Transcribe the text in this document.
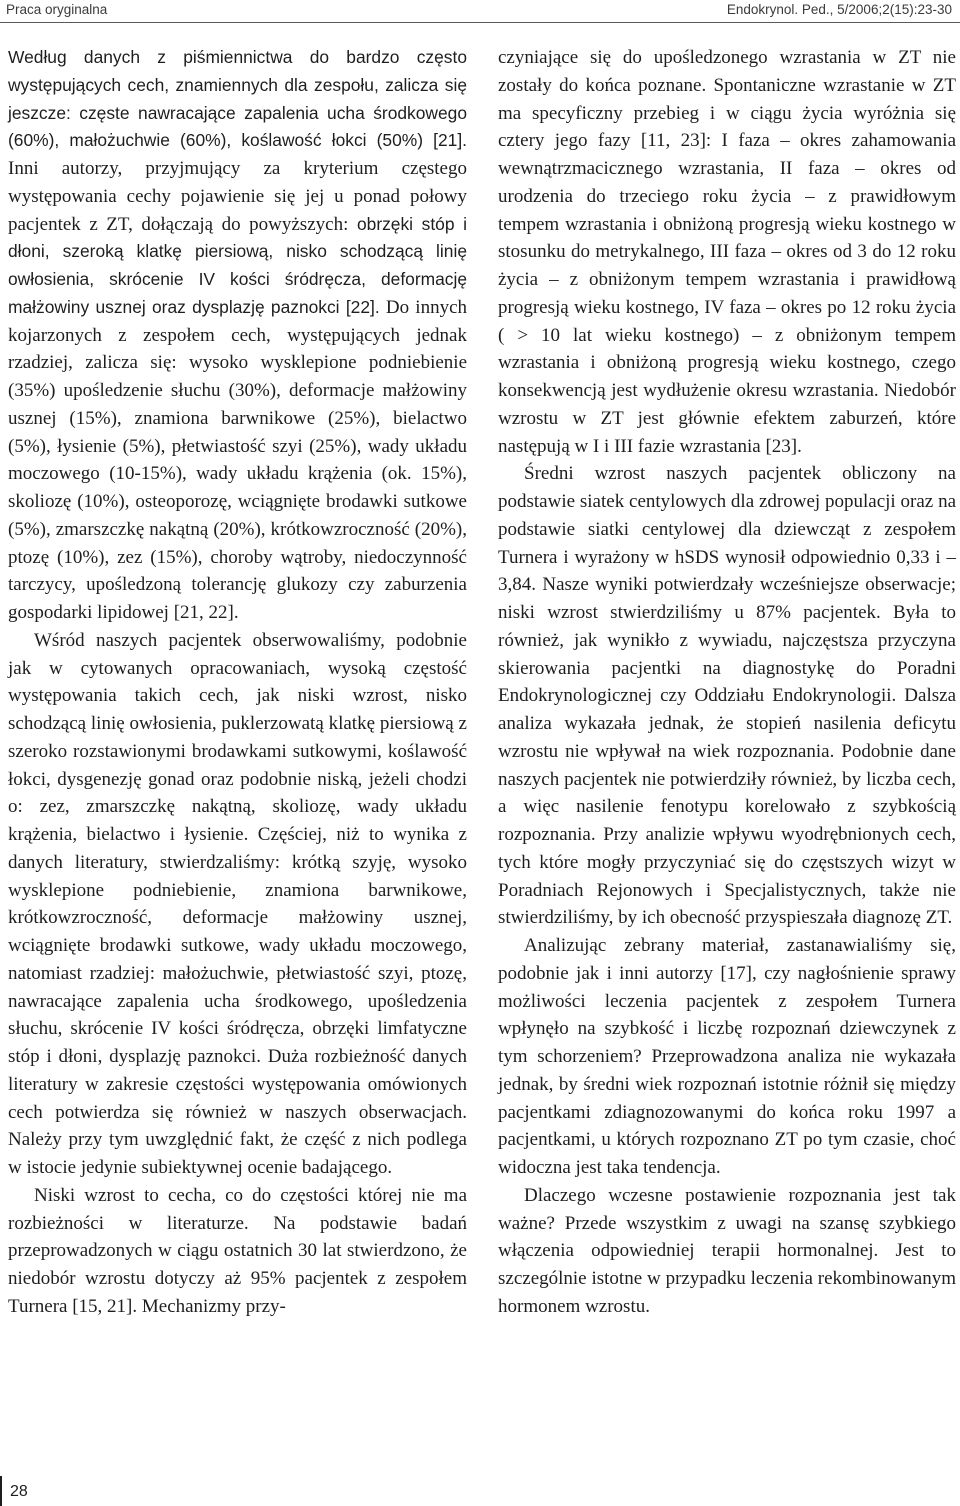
Praca oryginalna	Endokrynol. Ped., 5/2006;2(15):23-30

Według danych z piśmiennictwa do bardzo często występujących cech, znamiennych dla zespołu, zalicza się jeszcze: częste nawracające zapalenia ucha środkowego (60%), małożuchwie (60%), koślawość łokci (50%) [21]. Inni autorzy, przyjmujący za kryterium częstego występowania cechy pojawienie się jej u ponad połowy pacjentek z ZT, dołączają do powyższych: obrzęki stóp i dłoni, szeroką klatkę piersiową, nisko schodzącą linię owłosienia, skrócenie IV kości śródręcza, deformację małżowiny usznej oraz dysplazję paznokci [22]. Do innych kojarzonych z zespołem cech, występujących jednak rzadziej, zalicza się: wysoko wysklepione podniebienie (35%) upośledzenie słuchu (30%), deformacje małżowiny usznej (15%), znamiona barwnikowe (25%), bielactwo (5%), łysienie (5%), płetwiastość szyi (25%), wady układu moczowego (10-15%), wady układu krążenia (ok. 15%), skoliozę (10%), osteoporozę, wciągnięte brodawki sutkowe (5%), zmarszczkę nakątną (20%), krótkowzroczność (20%), ptozę (10%), zez (15%), choroby wątroby, niedoczynność tarczycy, upośledzoną tolerancję glukozy czy zaburzenia gospodarki lipidowej [21, 22].

Wśród naszych pacjentek obserwowaliśmy, podobnie jak w cytowanych opracowaniach, wysoką częstość występowania takich cech, jak niski wzrost, nisko schodzącą linię owłosienia, puklerzowatą klatkę piersiową z szeroko rozstawionymi brodawkami sutkowymi, koślawość łokci, dysgenezję gonad oraz podobnie niską, jeżeli chodzi o: zez, zmarszczkę nakątną, skoliozę, wady układu krążenia, bielactwo i łysienie. Częściej, niż to wynika z danych literatury, stwierdzaliśmy: krótką szyję, wysoko wysklepione podniebienie, znamiona barwnikowe, krótkowzroczność, deformacje małżowiny usznej, wciągnięte brodawki sutkowe, wady układu moczowego, natomiast rzadziej: małożuchwie, płetwiastość szyi, ptozę, nawracające zapalenia ucha środkowego, upośledzenia słuchu, skrócenie IV kości śródręcza, obrzęki limfatyczne stóp i dłoni, dysplazję paznokci. Duża rozbieżność danych literatury w zakresie częstości występowania omówionych cech potwierdza się również w naszych obserwacjach. Należy przy tym uwzględnić fakt, że część z nich podlega w istocie jedynie subiektywnej ocenie badającego.

Niski wzrost to cecha, co do częstości której nie ma rozbieżności w literaturze. Na podstawie badań przeprowadzonych w ciągu ostatnich 30 lat stwierdzono, że niedobór wzrostu dotyczy aż 95% pacjentek z zespołem Turnera [15, 21]. Mechanizmy przy-

czyniające się do upośledzonego wzrastania w ZT nie zostały do końca poznane. Spontaniczne wzrastanie w ZT ma specyficzny przebieg i w ciągu życia wyróżnia się cztery jego fazy [11, 23]: I faza – okres zahamowania wewnątrzmacicznego wzrastania, II faza – okres od urodzenia do trzeciego roku życia – z prawidłowym tempem wzrastania i obniżoną progresją wieku kostnego w stosunku do metrykalnego, III faza – okres od 3 do 12 roku życia – z obniżonym tempem wzrastania i prawidłową progresją wieku kostnego, IV faza – okres po 12 roku życia ( > 10 lat wieku kostnego) – z obniżonym tempem wzrastania i obniżoną progresją wieku kostnego, czego konsekwencją jest wydłużenie okresu wzrastania. Niedobór wzrostu w ZT jest głównie efektem zaburzeń, które następują w I i III fazie wzrastania [23].

Średni wzrost naszych pacjentek obliczony na podstawie siatek centylowych dla zdrowej populacji oraz na podstawie siatki centylowej dla dziewcząt z zespołem Turnera i wyrażony w hSDS wynosił odpowiednio 0,33 i –3,84. Nasze wyniki potwierdzały wcześniejsze obserwacje; niski wzrost stwierdziliśmy u 87% pacjentek. Była to również, jak wynikło z wywiadu, najczęstsza przyczyna skierowania pacjentki na diagnostykę do Poradni Endokrynologicznej czy Oddziału Endokrynologii. Dalsza analiza wykazała jednak, że stopień nasilenia deficytu wzrostu nie wpływał na wiek rozpoznania. Podobnie dane naszych pacjentek nie potwierdziły również, by liczba cech, a więc nasilenie fenotypu korelowało z szybkością rozpoznania. Przy analizie wpływu wyodrębnionych cech, tych które mogły przyczyniać się do częstszych wizyt w Poradniach Rejonowych i Specjalistycznych, także nie stwierdziliśmy, by ich obecność przyspieszała diagnozę ZT.

Analizując zebrany materiał, zastanawialiśmy się, podobnie jak i inni autorzy [17], czy nagłośnienie sprawy możliwości leczenia pacjentek z zespołem Turnera wpłynęło na szybkość i liczbę rozpoznań dziewczynek z tym schorzeniem? Przeprowadzona analiza nie wykazała jednak, by średni wiek rozpoznań istotnie różnił się między pacjentkami zdiagnozowanymi do końca roku 1997 a pacjentkami, u których rozpoznano ZT po tym czasie, choć widoczna jest taka tendencja.

Dlaczego wczesne postawienie rozpoznania jest tak ważne? Przede wszystkim z uwagi na szansę szybkiego włączenia odpowiedniej terapii hormonalnej. Jest to szczególnie istotne w przypadku leczenia rekombinowanym hormonem wzrostu.

28
